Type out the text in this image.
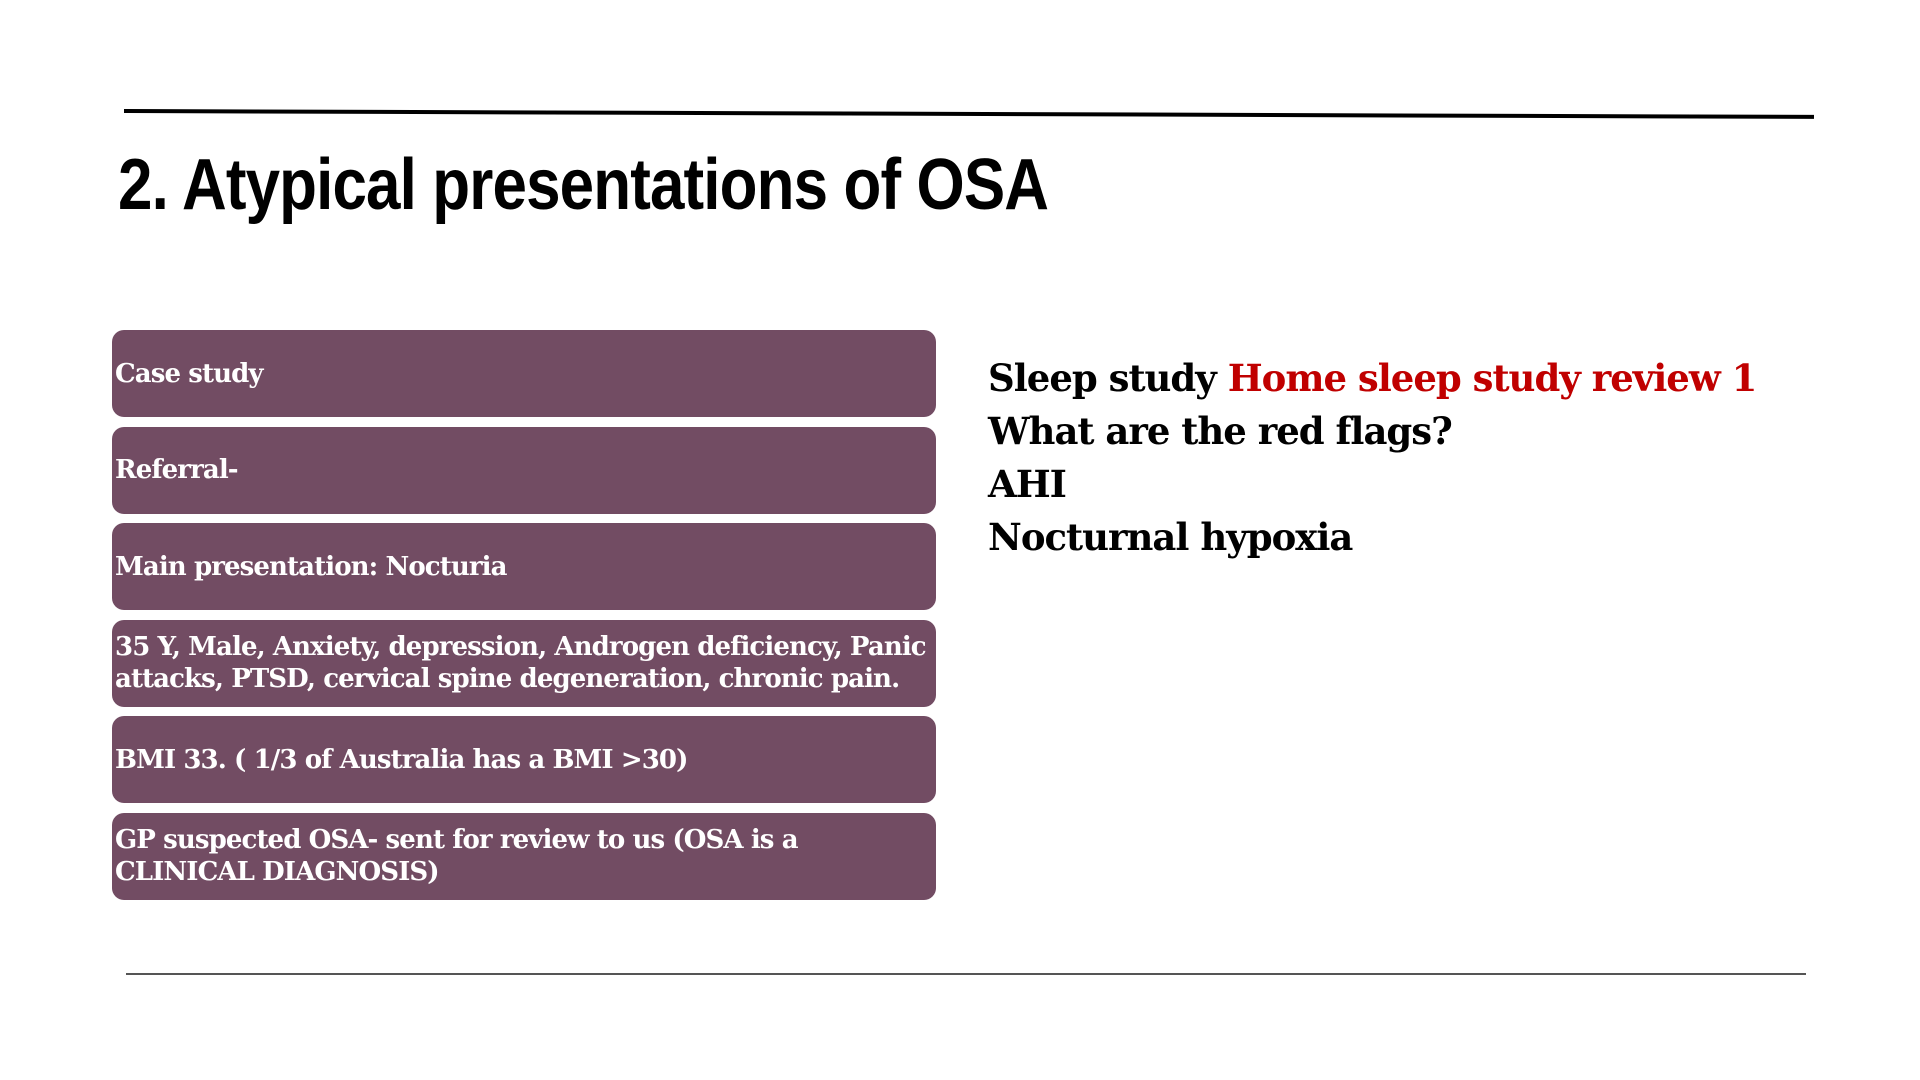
2. Atypical presentations of OSA
Case study
Referral-
Main presentation: Nocturia
35 Y, Male, Anxiety, depression, Androgen deficiency, Panic attacks, PTSD, cervical spine degeneration, chronic pain.
BMI 33. ( 1/3 of Australia has a BMI >30)
GP suspected OSA- sent for review to us (OSA is a CLINICAL DIAGNOSIS)
Sleep study Home sleep study review 1
What are the red flags?
AHI
Nocturnal hypoxia
